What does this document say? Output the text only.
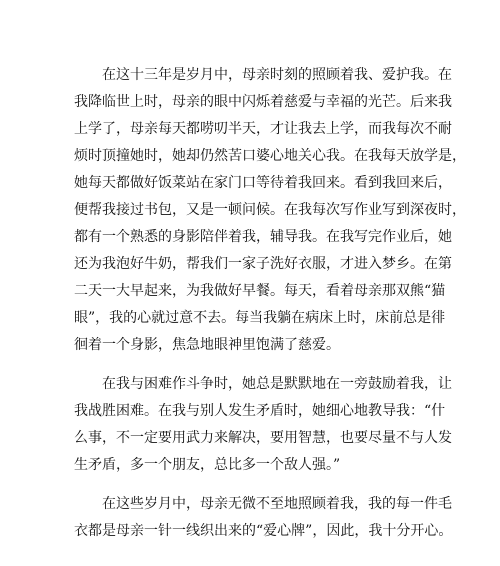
在这十三年是岁月中，母亲时刻的照顾着我、爱护我。在
我降临世上时，母亲的眼中闪烁着慈爱与幸福的光芒。后来我
上学了，母亲每天都唠叨半天，才让我去上学，而我每次不耐
烦时顶撞她时，她却仍然苦口婆心地关心我。在我每天放学是，
她每天都做好饭菜站在家门口等待着我回来。看到我回来后，
便帮我接过书包，又是一顿问候。在我每次写作业写到深夜时，
都有一个熟悉的身影陪伴着我，辅导我。在我写完作业后，她
还为我泡好牛奶，帮我们一家子洗好衣服，才进入梦乡。在第
二天一大早起来，为我做好早餐。每天，看着母亲那双熊“猫
眼”，我的心就过意不去。每当我躺在病床上时，床前总是徘
徊着一个身影，焦急地眼神里饱满了慈爱。
在我与困难作斗争时，她总是默默地在一旁鼓励着我，让
我战胜困难。在我与别人发生矛盾时，她细心地教导我：“什
么事，不一定要用武力来解决，要用智慧，也要尽量不与人发
生矛盾，多一个朋友，总比多一个敌人强。”
在这些岁月中，母亲无微不至地照顾着我，我的每一件毛
衣都是母亲一针一线织出来的“爱心牌”，因此，我十分开心。
